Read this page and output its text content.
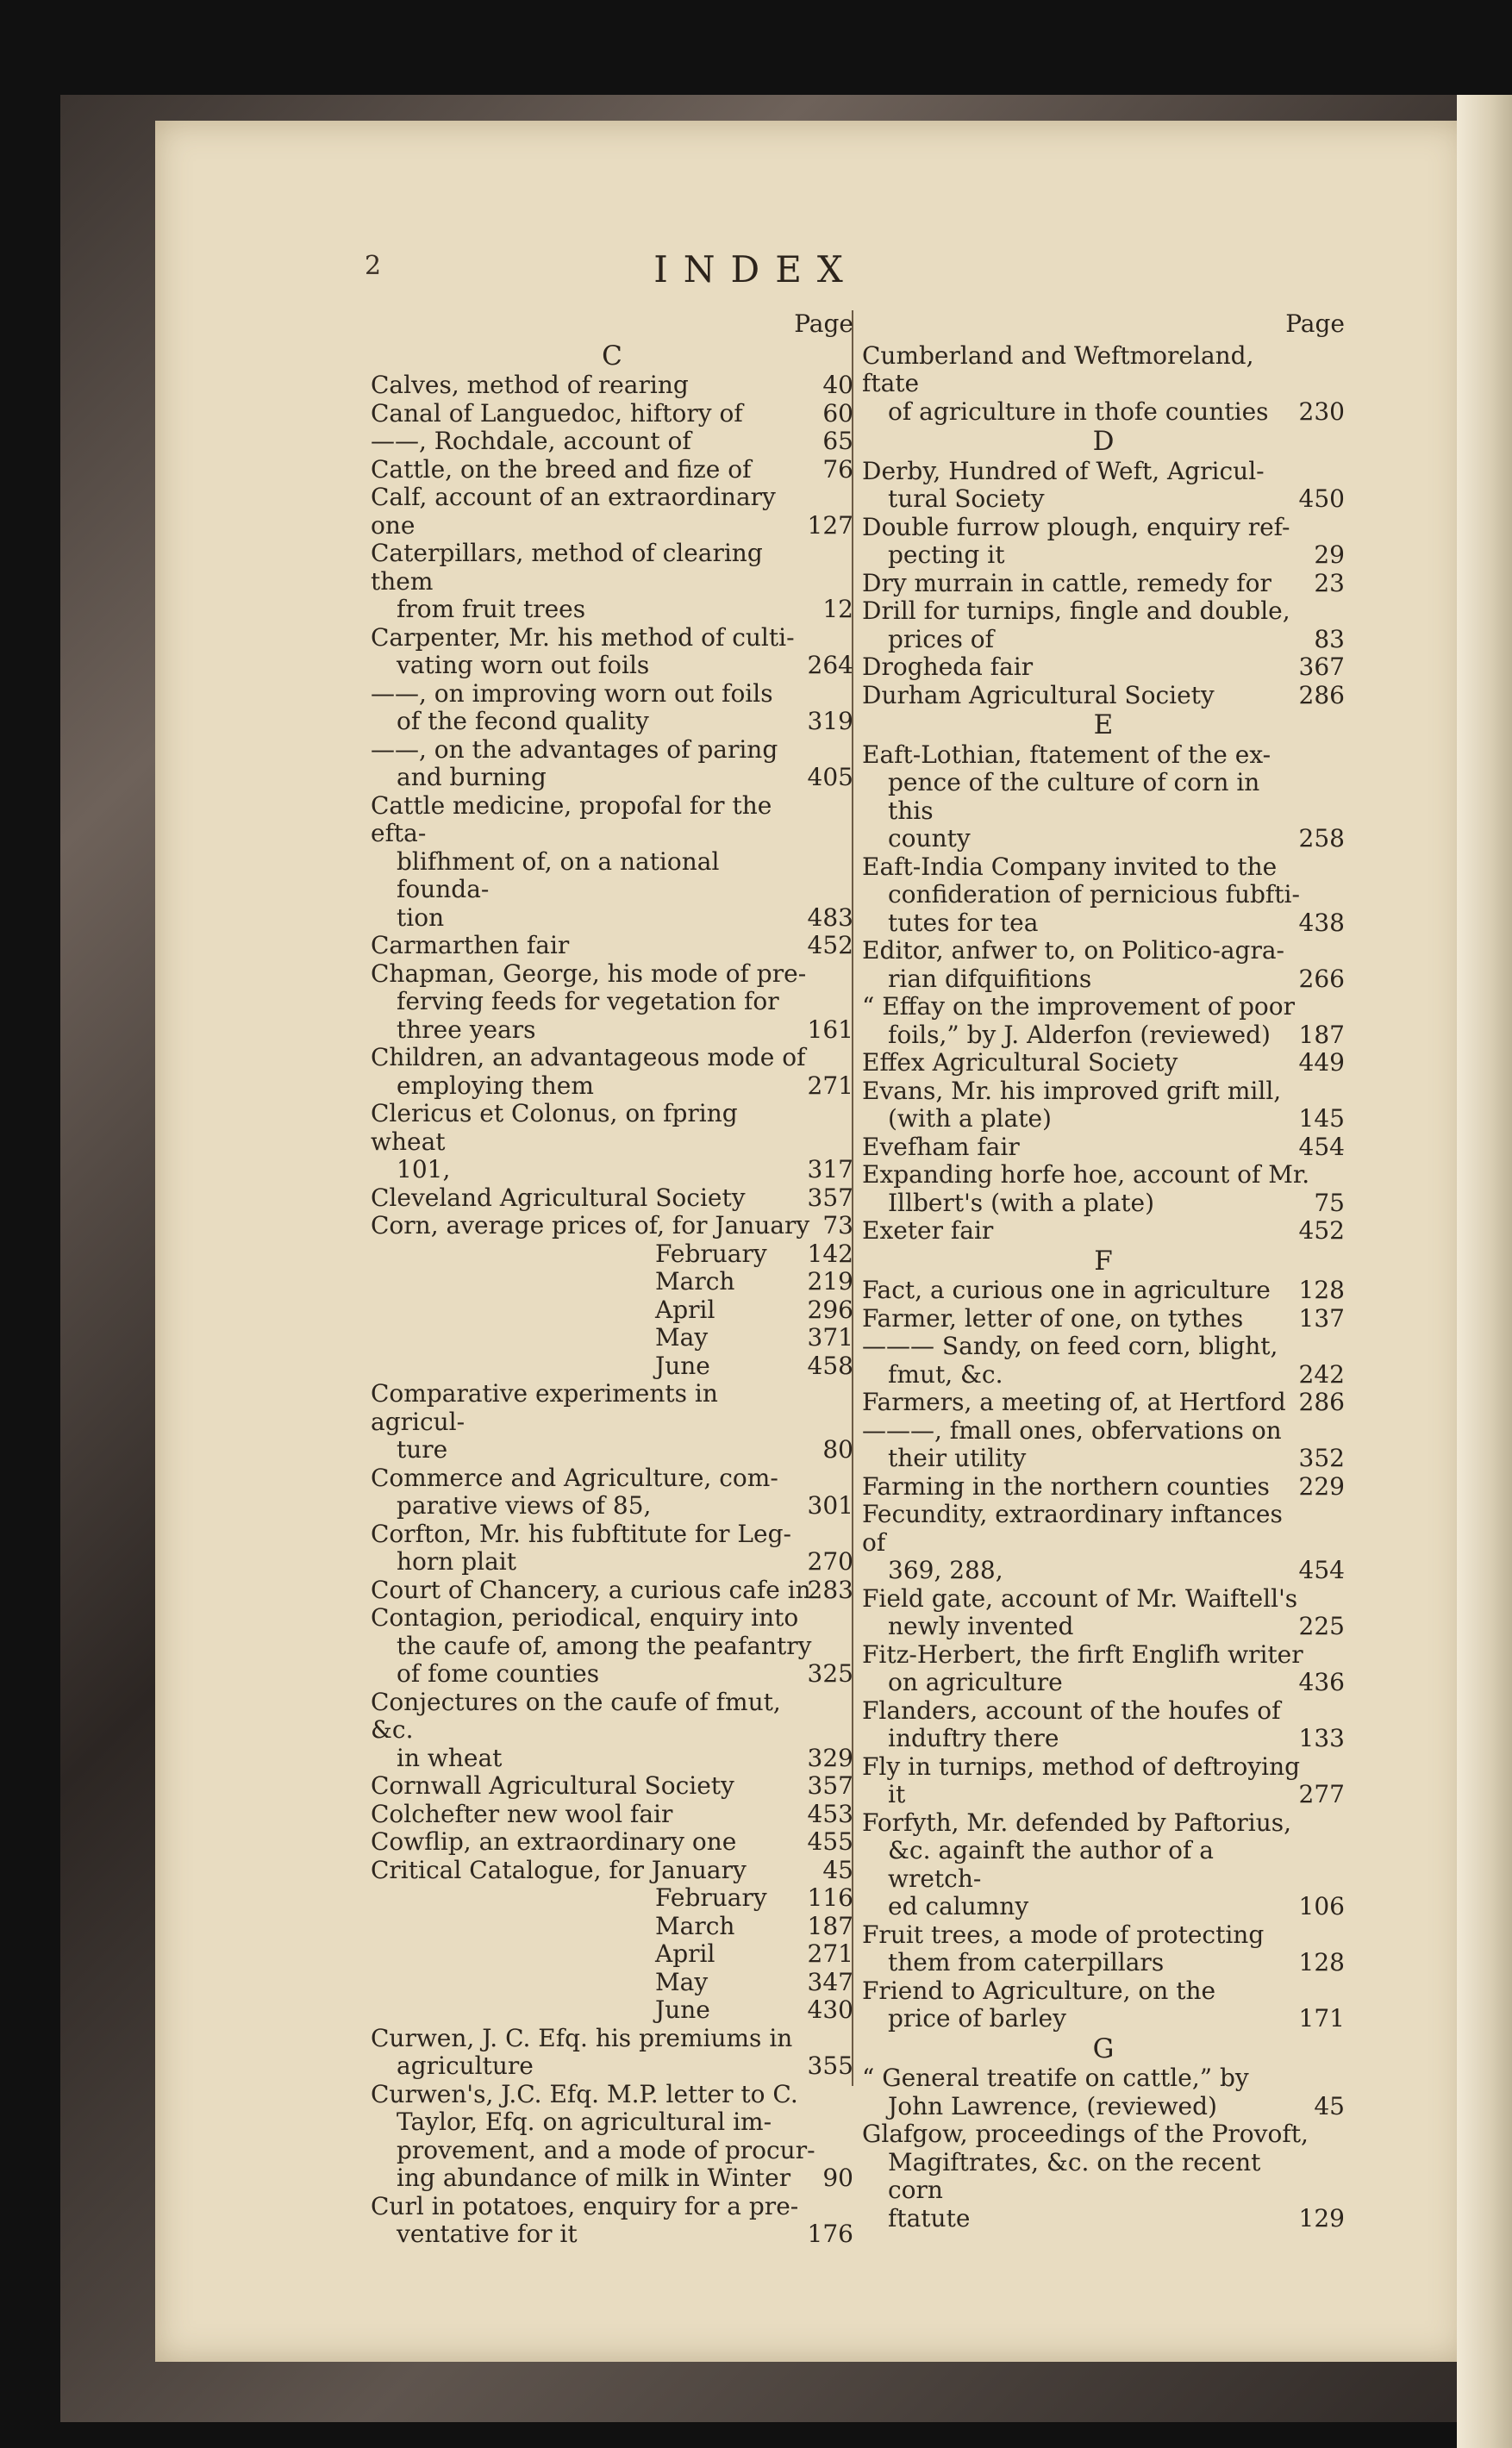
2	INDEX
Page
C
Calves, method of rearing	40
Canal of Languedoc, hiftory of	60
——, Rochdale, account of	65
Cattle, on the breed and fize of	76
Calf, account of an extraordinary one	127
Caterpillars, method of clearing them
from fruit trees	12
Carpenter, Mr. his method of culti-
vating worn out foils	264
——, on improving worn out foils
of the fecond quality	319
——, on the advantages of paring
and burning	405
Cattle medicine, propofal for the efta-
blifhment of, on a national founda-
tion	483
Carmarthen fair	452
Chapman, George, his mode of pre-
ferving feeds for vegetation for
three years	161
Children, an advantageous mode of
employing them	271
Clericus et Colonus, on fpring wheat
101,	317
Cleveland Agricultural Society	357
Corn, average prices of, for January 73
February	142
March	219
April	296
May	371
June	458
Comparative experiments in agricul-
ture	80
Commerce and Agriculture, com-
parative views of 85,	301
Corfton, Mr. his fubftitute for Leg-
horn plait	270
Court of Chancery, a curious cafe in
283
Contagion, periodical, enquiry into
the caufe of, among the peafantry
of fome counties	325
Conjectures on the caufe of fmut, &c.
in wheat	329
Cornwall Agricultural Society	357
Colchefter new wool fair	453
Cowflip, an extraordinary one	455
Critical Catalogue, for January	45
February	116
March	187
April	271
May	347
June	430
Curwen, J. C. Efq. his premiums in
agriculture	355
Curwen's, J.C. Efq. M.P. letter to C.
Taylor, Efq. on agricultural im-
provement, and a mode of procur-
ing abundance of milk in Winter	90
Curl in potatoes, enquiry for a pre-
ventative for it	176
Page
Cumberland and Weftmoreland, ftate
of agriculture in thofe counties	230
D
Derby, Hundred of Weft, Agricul-
tural Society	450
Double furrow plough, enquiry ref-
pecting it	29
Dry murrain in cattle, remedy for	23
Drill for turnips, fingle and double,
prices of	83
Drogheda fair	367
Durham Agricultural Society	286
E
Eaft-Lothian, ftatement of the ex-
pence of the culture of corn in this
county	258
Eaft-India Company invited to the
confideration of pernicious fubfti-
tutes for tea	438
Editor, anfwer to, on Politico-agra-
rian difquifitions	266
“ Effay on the improvement of poor
foils,” by J. Alderfon (reviewed)	187
Effex Agricultural Society	449
Evans, Mr. his improved grift mill,
(with a plate)	145
Evefham fair	454
Expanding horfe hoe, account of Mr.
Illbert's (with a plate)	75
Exeter fair	452
F
Fact, a curious one in agriculture	128
Farmer, letter of one, on tythes	137
——— Sandy, on feed corn, blight,
fmut, &c.	242
Farmers, a meeting of, at Hertford 286
———, fmall ones, obfervations on
their utility	352
Farming in the northern counties	229
Fecundity, extraordinary inftances of
369, 288,	454
Field gate, account of Mr. Waiftell's
newly invented	225
Fitz-Herbert, the firft Englifh writer
on agriculture	436
Flanders, account of the houfes of
induftry there	133
Fly in turnips, method of deftroying
it	277
Forfyth, Mr. defended by Paftorius,
&c. againft the author of a wretch-
ed calumny	106
Fruit trees, a mode of protecting
them from caterpillars	128
Friend to Agriculture, on the
price of barley	171
G
“ General treatife on cattle,” by
John Lawrence, (reviewed)	45
Glafgow, proceedings of the Provoft,
Magiftrates, &c. on the recent corn
ftatute	129
